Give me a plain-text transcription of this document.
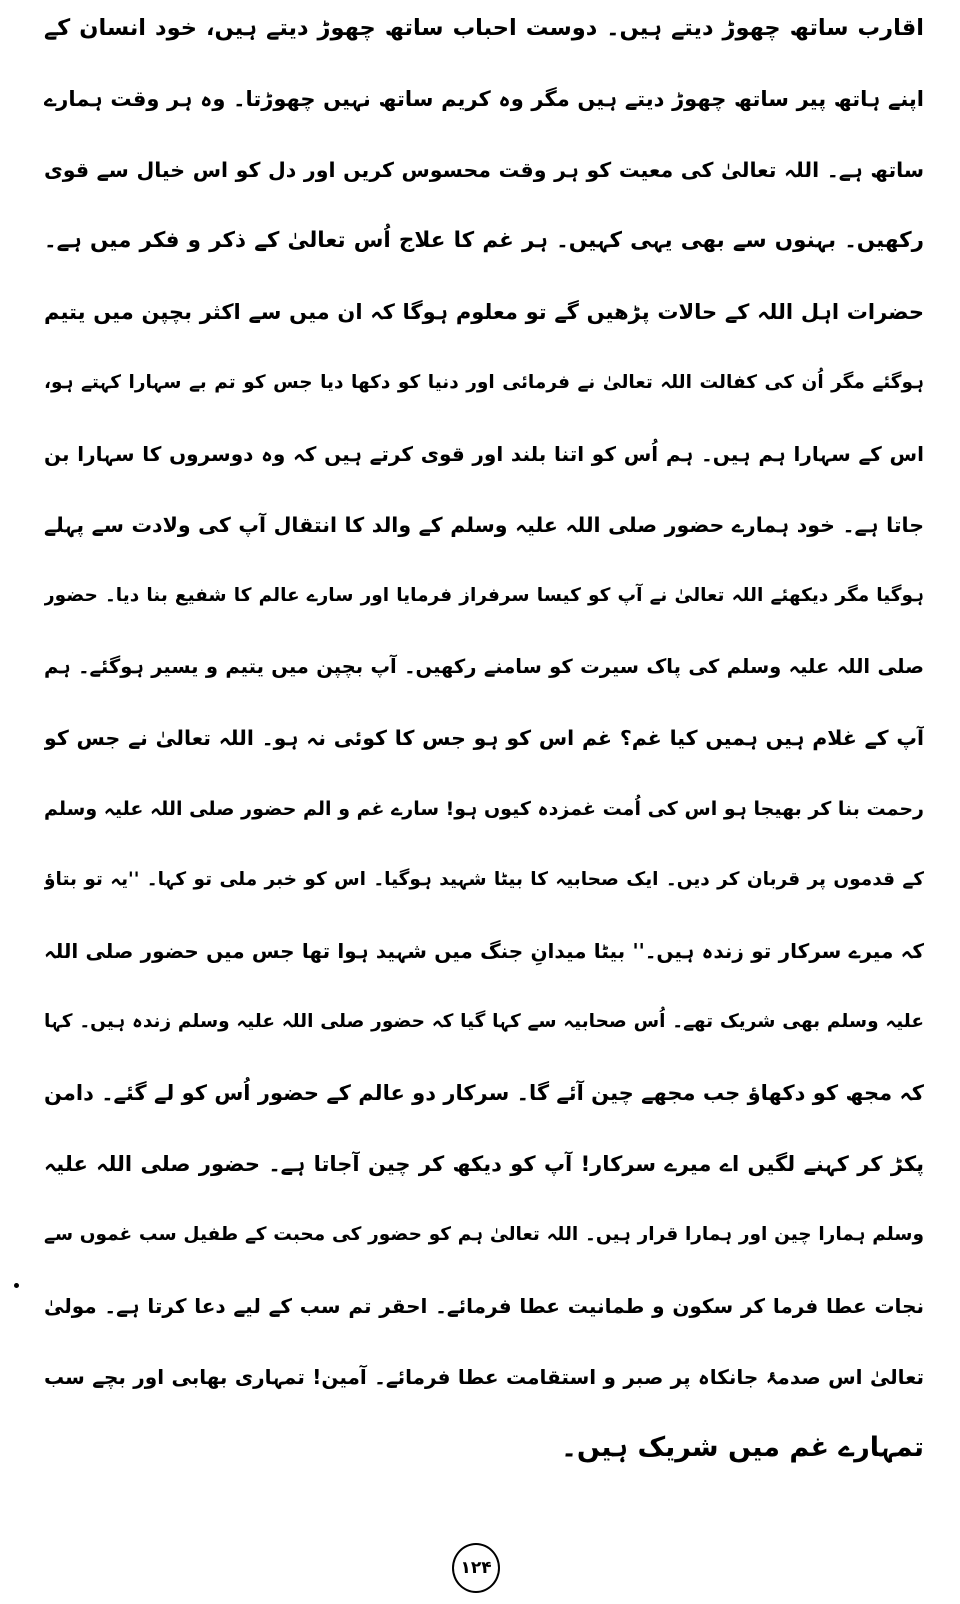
اقارب ساتھ چھوڑ دیتے ہیں۔ دوست احباب ساتھ چھوڑ دیتے ہیں، خود انسان کے
اپنے ہاتھ پیر ساتھ چھوڑ دیتے ہیں مگر وہ کریم ساتھ نہیں چھوڑتا۔ وہ ہر وقت ہمارے
ساتھ ہے۔ اللہ تعالیٰ کی معیت کو ہر وقت محسوس کریں اور دل کو اس خیال سے قوی
رکھیں۔ بہنوں سے بھی یہی کہیں۔ ہر غم کا علاج اُس تعالیٰ کے ذکر و فکر میں ہے۔
حضرات اہل اللہ کے حالات پڑھیں گے تو معلوم ہوگا کہ ان میں سے اکثر بچپن میں یتیم
ہوگئے مگر اُن کی کفالت اللہ تعالیٰ نے فرمائی اور دنیا کو دکھا دیا جس کو تم بے سہارا کہتے ہو،
اس کے سہارا ہم ہیں۔ ہم اُس کو اتنا بلند اور قوی کرتے ہیں کہ وہ دوسروں کا سہارا بن
جاتا ہے۔ خود ہمارے حضور صلی اللہ علیہ وسلم کے والد کا انتقال آپ کی ولادت سے پہلے
ہوگیا مگر دیکھئے اللہ تعالیٰ نے آپ کو کیسا سرفراز فرمایا اور سارے عالم کا شفیع بنا دیا۔ حضور
صلی اللہ علیہ وسلم کی پاک سیرت کو سامنے رکھیں۔ آپ بچپن میں یتیم و یسیر ہوگئے۔ ہم
آپ کے غلام ہیں ہمیں کیا غم؟ غم اس کو ہو جس کا کوئی نہ ہو۔ اللہ تعالیٰ نے جس کو
رحمت بنا کر بھیجا ہو اس کی اُمت غمزدہ کیوں ہو! سارے غم و الم حضور صلی اللہ علیہ وسلم
کے قدموں پر قربان کر دیں۔ ایک صحابیہ کا بیٹا شہید ہوگیا۔ اس کو خبر ملی تو کہا۔ ''یہ تو بتاؤ
کہ میرے سرکار تو زندہ ہیں۔'' بیٹا میدانِ جنگ میں شہید ہوا تھا جس میں حضور صلی اللہ
علیہ وسلم بھی شریک تھے۔ اُس صحابیہ سے کہا گیا کہ حضور صلی اللہ علیہ وسلم زندہ ہیں۔ کہا
کہ مجھ کو دکھاؤ جب مجھے چین آئے گا۔ سرکار دو عالم کے حضور اُس کو لے گئے۔ دامن
پکڑ کر کہنے لگیں اے میرے سرکار! آپ کو دیکھ کر چین آجاتا ہے۔ حضور صلی اللہ علیہ
وسلم ہمارا چین اور ہمارا قرار ہیں۔ اللہ تعالیٰ ہم کو حضور کی محبت کے طفیل سب غموں سے
نجات عطا فرما کر سکون و طمانیت عطا فرمائے۔ احقر تم سب کے لیے دعا کرتا ہے۔ مولیٰ
تعالیٰ اس صدمۂ جانکاہ پر صبر و استقامت عطا فرمائے۔ آمین! تمہاری بھابی اور بچے سب
تمہارے غم میں شریک ہیں۔
۱۲۴
